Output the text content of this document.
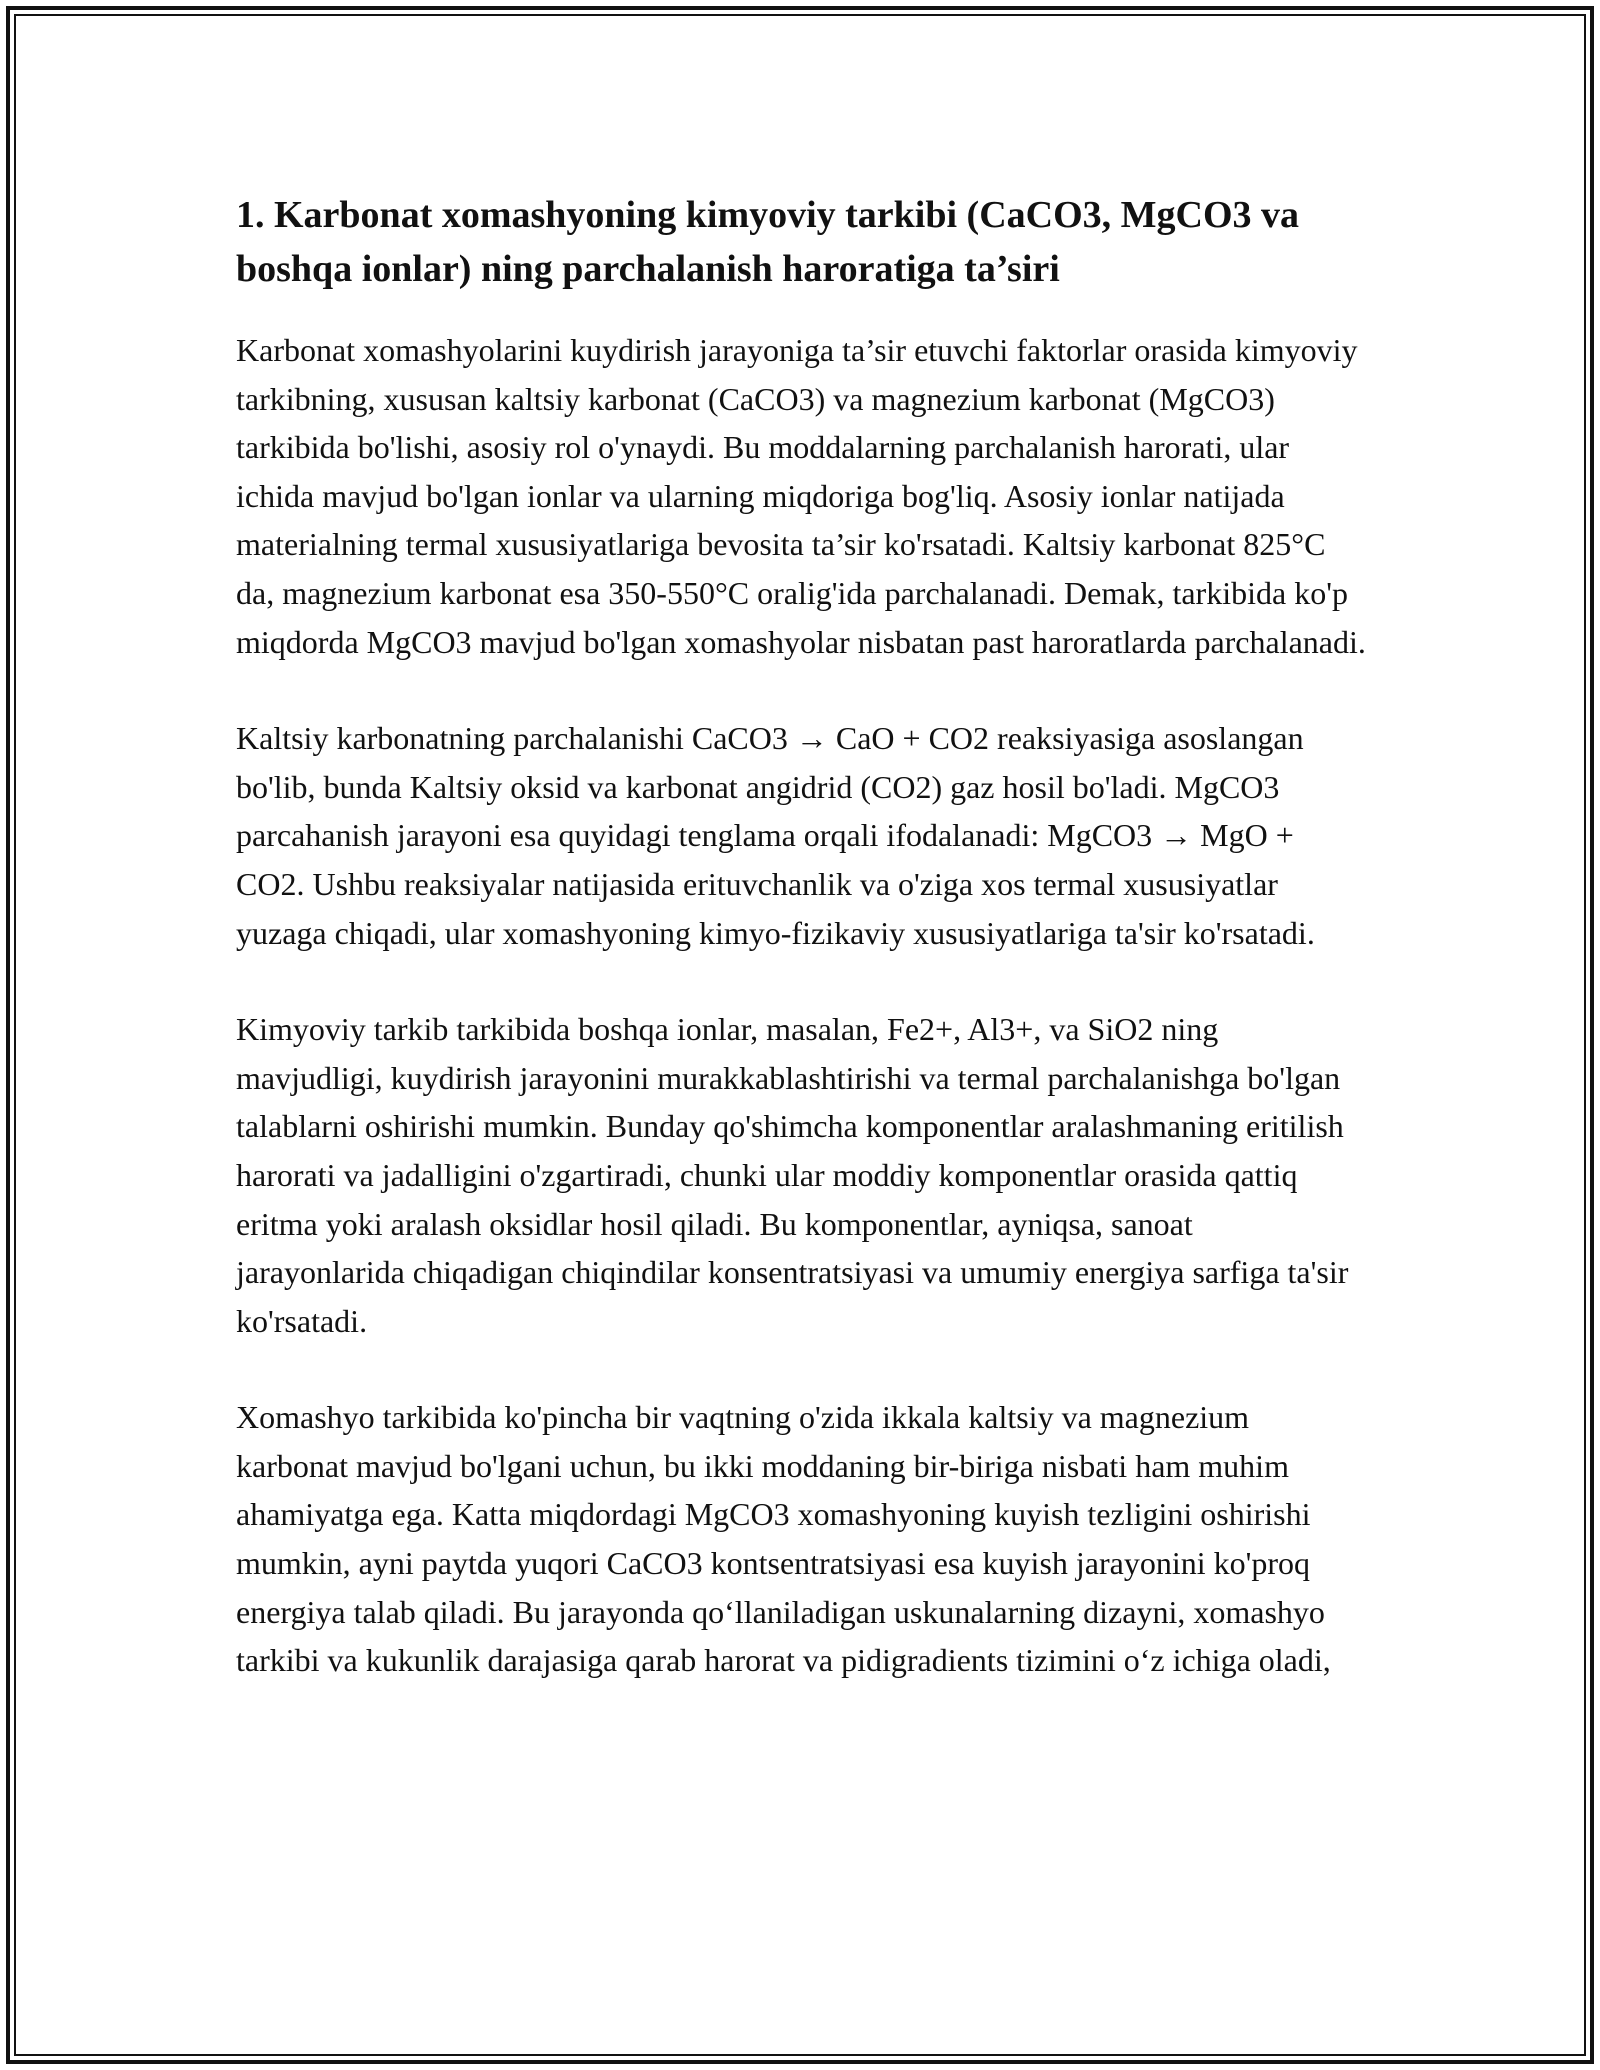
1. Karbonat xomashyoning kimyoviy tarkibi (CaCO3, MgCO3 va boshqa ionlar) ning parchalanish haroratiga ta’siri

Karbonat xomashyolarini kuydirish jarayoniga ta’sir etuvchi faktorlar orasida kimyoviy tarkibning, xususan kaltsiy karbonat (CaCO3) va magnezium karbonat (MgCO3) tarkibida bo'lishi, asosiy rol o'ynaydi. Bu moddalarning parchalanish harorati, ular ichida mavjud bo'lgan ionlar va ularning miqdoriga bog'liq. Asosiy ionlar natijada materialning termal xususiyatlariga bevosita ta’sir ko'rsatadi. Kaltsiy karbonat 825°C da, magnezium karbonat esa 350-550°C oralig'ida parchalanadi. Demak, tarkibida ko'p miqdorda MgCO3 mavjud bo'lgan xomashyolar nisbatan past haroratlarda parchalanadi.

Kaltsiy karbonatning parchalanishi CaCO3 → CaO + CO2 reaksiyasiga asoslangan bo'lib, bunda Kaltsiy oksid va karbonat angidrid (CO2) gaz hosil bo'ladi. MgCO3 parcahanish jarayoni esa quyidagi tenglama orqali ifodalanadi: MgCO3 → MgO + CO2. Ushbu reaksiyalar natijasida erituvchanlik va o'ziga xos termal xususiyatlar yuzaga chiqadi, ular xomashyoning kimyo-fizikaviy xususiyatlariga ta'sir ko'rsatadi.

Kimyoviy tarkib tarkibida boshqa ionlar, masalan, Fe2+, Al3+, va SiO2 ning mavjudligi, kuydirish jarayonini murakkablashtirishi va termal parchalanishga bo'lgan talablarni oshirishi mumkin. Bunday qo'shimcha komponentlar aralashmaning eritilish harorati va jadalligini o'zgartiradi, chunki ular moddiy komponentlar orasida qattiq eritma yoki aralash oksidlar hosil qiladi. Bu komponentlar, ayniqsa, sanoat jarayonlarida chiqadigan chiqindilar konsentratsiyasi va umumiy energiya sarfiga ta'sir ko'rsatadi.

Xomashyo tarkibida ko'pincha bir vaqtning o'zida ikkala kaltsiy va magnezium karbonat mavjud bo'lgani uchun, bu ikki moddaning bir-biriga nisbati ham muhim ahamiyatga ega. Katta miqdordagi MgCO3 xomashyoning kuyish tezligini oshirishi mumkin, ayni paytda yuqori CaCO3 kontsentratsiyasi esa kuyish jarayonini ko'proq energiya talab qiladi. Bu jarayonda qo‘llaniladigan uskunalarning dizayni, xomashyo tarkibi va kukunlik darajasiga qarab harorat va pidigradients tizimini o‘z ichiga oladi,
